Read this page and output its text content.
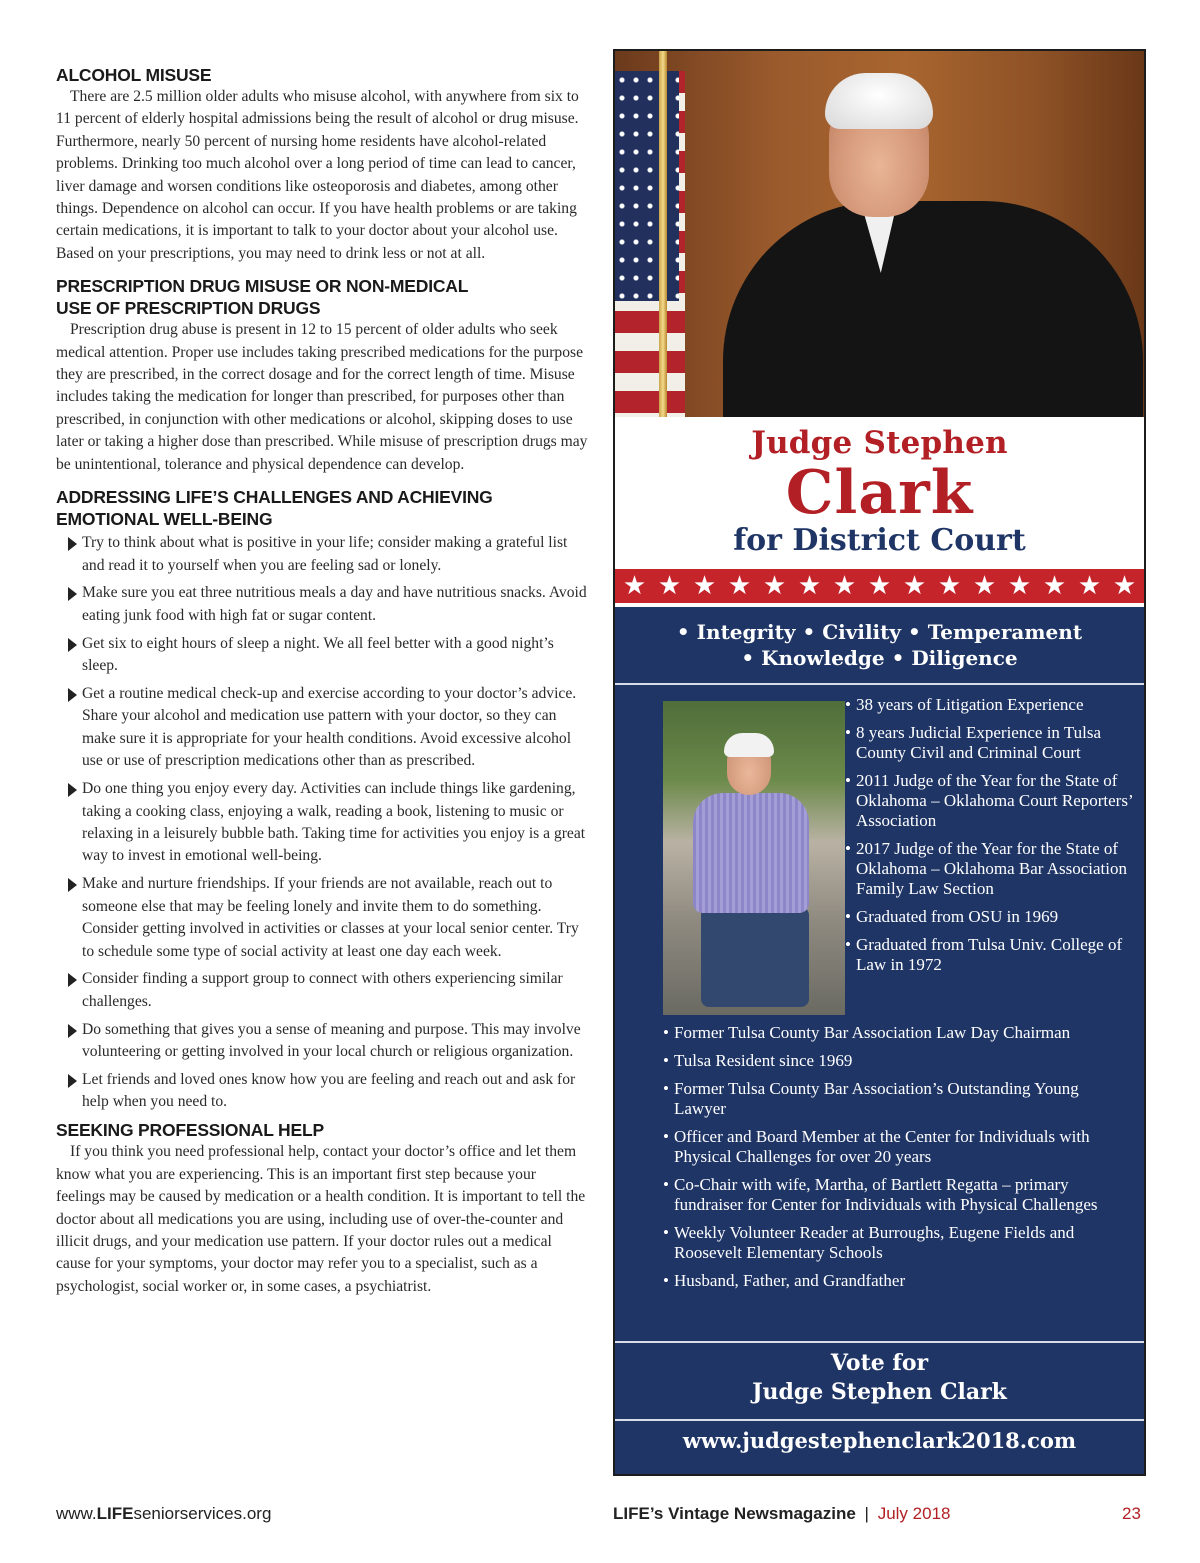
ALCOHOL MISUSE

There are 2.5 million older adults who misuse alcohol, with anywhere from six to 11 percent of elderly hospital admissions being the result of alcohol or drug misuse. Furthermore, nearly 50 percent of nursing home residents have alcohol-related problems. Drinking too much alcohol over a long period of time can lead to cancer, liver damage and worsen conditions like osteoporosis and diabetes, among other things. Dependence on alcohol can occur. If you have health problems or are taking certain medications, it is important to talk to your doctor about your alcohol use. Based on your prescriptions, you may need to drink less or not at all.

PRESCRIPTION DRUG MISUSE OR NON-MEDICAL
USE OF PRESCRIPTION DRUGS

Prescription drug abuse is present in 12 to 15 percent of older adults who seek medical attention. Proper use includes taking prescribed medications for the purpose they are prescribed, in the correct dosage and for the correct length of time. Misuse includes taking the medication for longer than prescribed, for purposes other than prescribed, in conjunction with other medications or alcohol, skipping doses to use later or taking a higher dose than prescribed. While misuse of prescription drugs may be unintentional, tolerance and physical dependence can develop.

ADDRESSING LIFE’S CHALLENGES AND ACHIEVING
EMOTIONAL WELL-BEING
Try to think about what is positive in your life; consider making a grateful list and read it to yourself when you are feeling sad or lonely.
Make sure you eat three nutritious meals a day and have nutritious snacks. Avoid eating junk food with high fat or sugar content.
Get six to eight hours of sleep a night. We all feel better with a good night’s sleep.
Get a routine medical check-up and exercise according to your doctor’s advice. Share your alcohol and medication use pattern with your doctor, so they can make sure it is appropriate for your health conditions. Avoid excessive alcohol use or use of prescription medications other than as prescribed.
Do one thing you enjoy every day. Activities can include things like gardening, taking a cooking class, enjoying a walk, reading a book, listening to music or relaxing in a leisurely bubble bath. Taking time for activities you enjoy is a great way to invest in emotional well-being.
Make and nurture friendships. If your friends are not available, reach out to someone else that may be feeling lonely and invite them to do something. Consider getting involved in activities or classes at your local senior center. Try to schedule some type of social activity at least one day each week.
Consider finding a support group to connect with others experiencing similar challenges.
Do something that gives you a sense of meaning and purpose. This may involve volunteering or getting involved in your local church or religious organization.
Let friends and loved ones know how you are feeling and reach out and ask for help when you need to.
SEEKING PROFESSIONAL HELP

If you think you need professional help, contact your doctor’s office and let them know what you are experiencing. This is an important first step because your feelings may be caused by medication or a health condition. It is important to tell the doctor about all medications you are using, including use of over-the-counter and illicit drugs, and your medication use pattern. If your doctor rules out a medical cause for your symptoms, your doctor may refer you to a specialist, such as a psychologist, social worker or, in some cases, a psychiatrist.

Judge Stephen
Clark
for District Court
★ ★ ★ ★ ★ ★ ★ ★ ★ ★ ★ ★ ★ ★ ★
• Integrity • Civility • Temperament
• Knowledge • Diligence
• 38 years of Litigation Experience
• 8 years Judicial Experience in Tulsa County Civil and Criminal Court
• 2011 Judge of the Year for the State of Oklahoma – Oklahoma Court Reporters’ Association
• 2017 Judge of the Year for the State of Oklahoma – Oklahoma Bar Association Family Law Section
• Graduated from OSU in 1969
• Graduated from Tulsa Univ. College of Law in 1972
• Former Tulsa County Bar Association Law Day Chairman
• Tulsa Resident since 1969
• Former Tulsa County Bar Association’s Outstanding Young Lawyer
• Officer and Board Member at the Center for Individuals with Physical Challenges for over 20 years
• Co-Chair with wife, Martha, of Bartlett Regatta – primary fundraiser for Center for Individuals with Physical Challenges
• Weekly Volunteer Reader at Burroughs, Eugene Fields and Roosevelt Elementary Schools
• Husband, Father, and Grandfather
Vote for
Judge Stephen Clark
www.judgestephenclark2018.com
www.LIFEseniorservices.org	LIFE’s Vintage Newsmagazine | July 2018	23
